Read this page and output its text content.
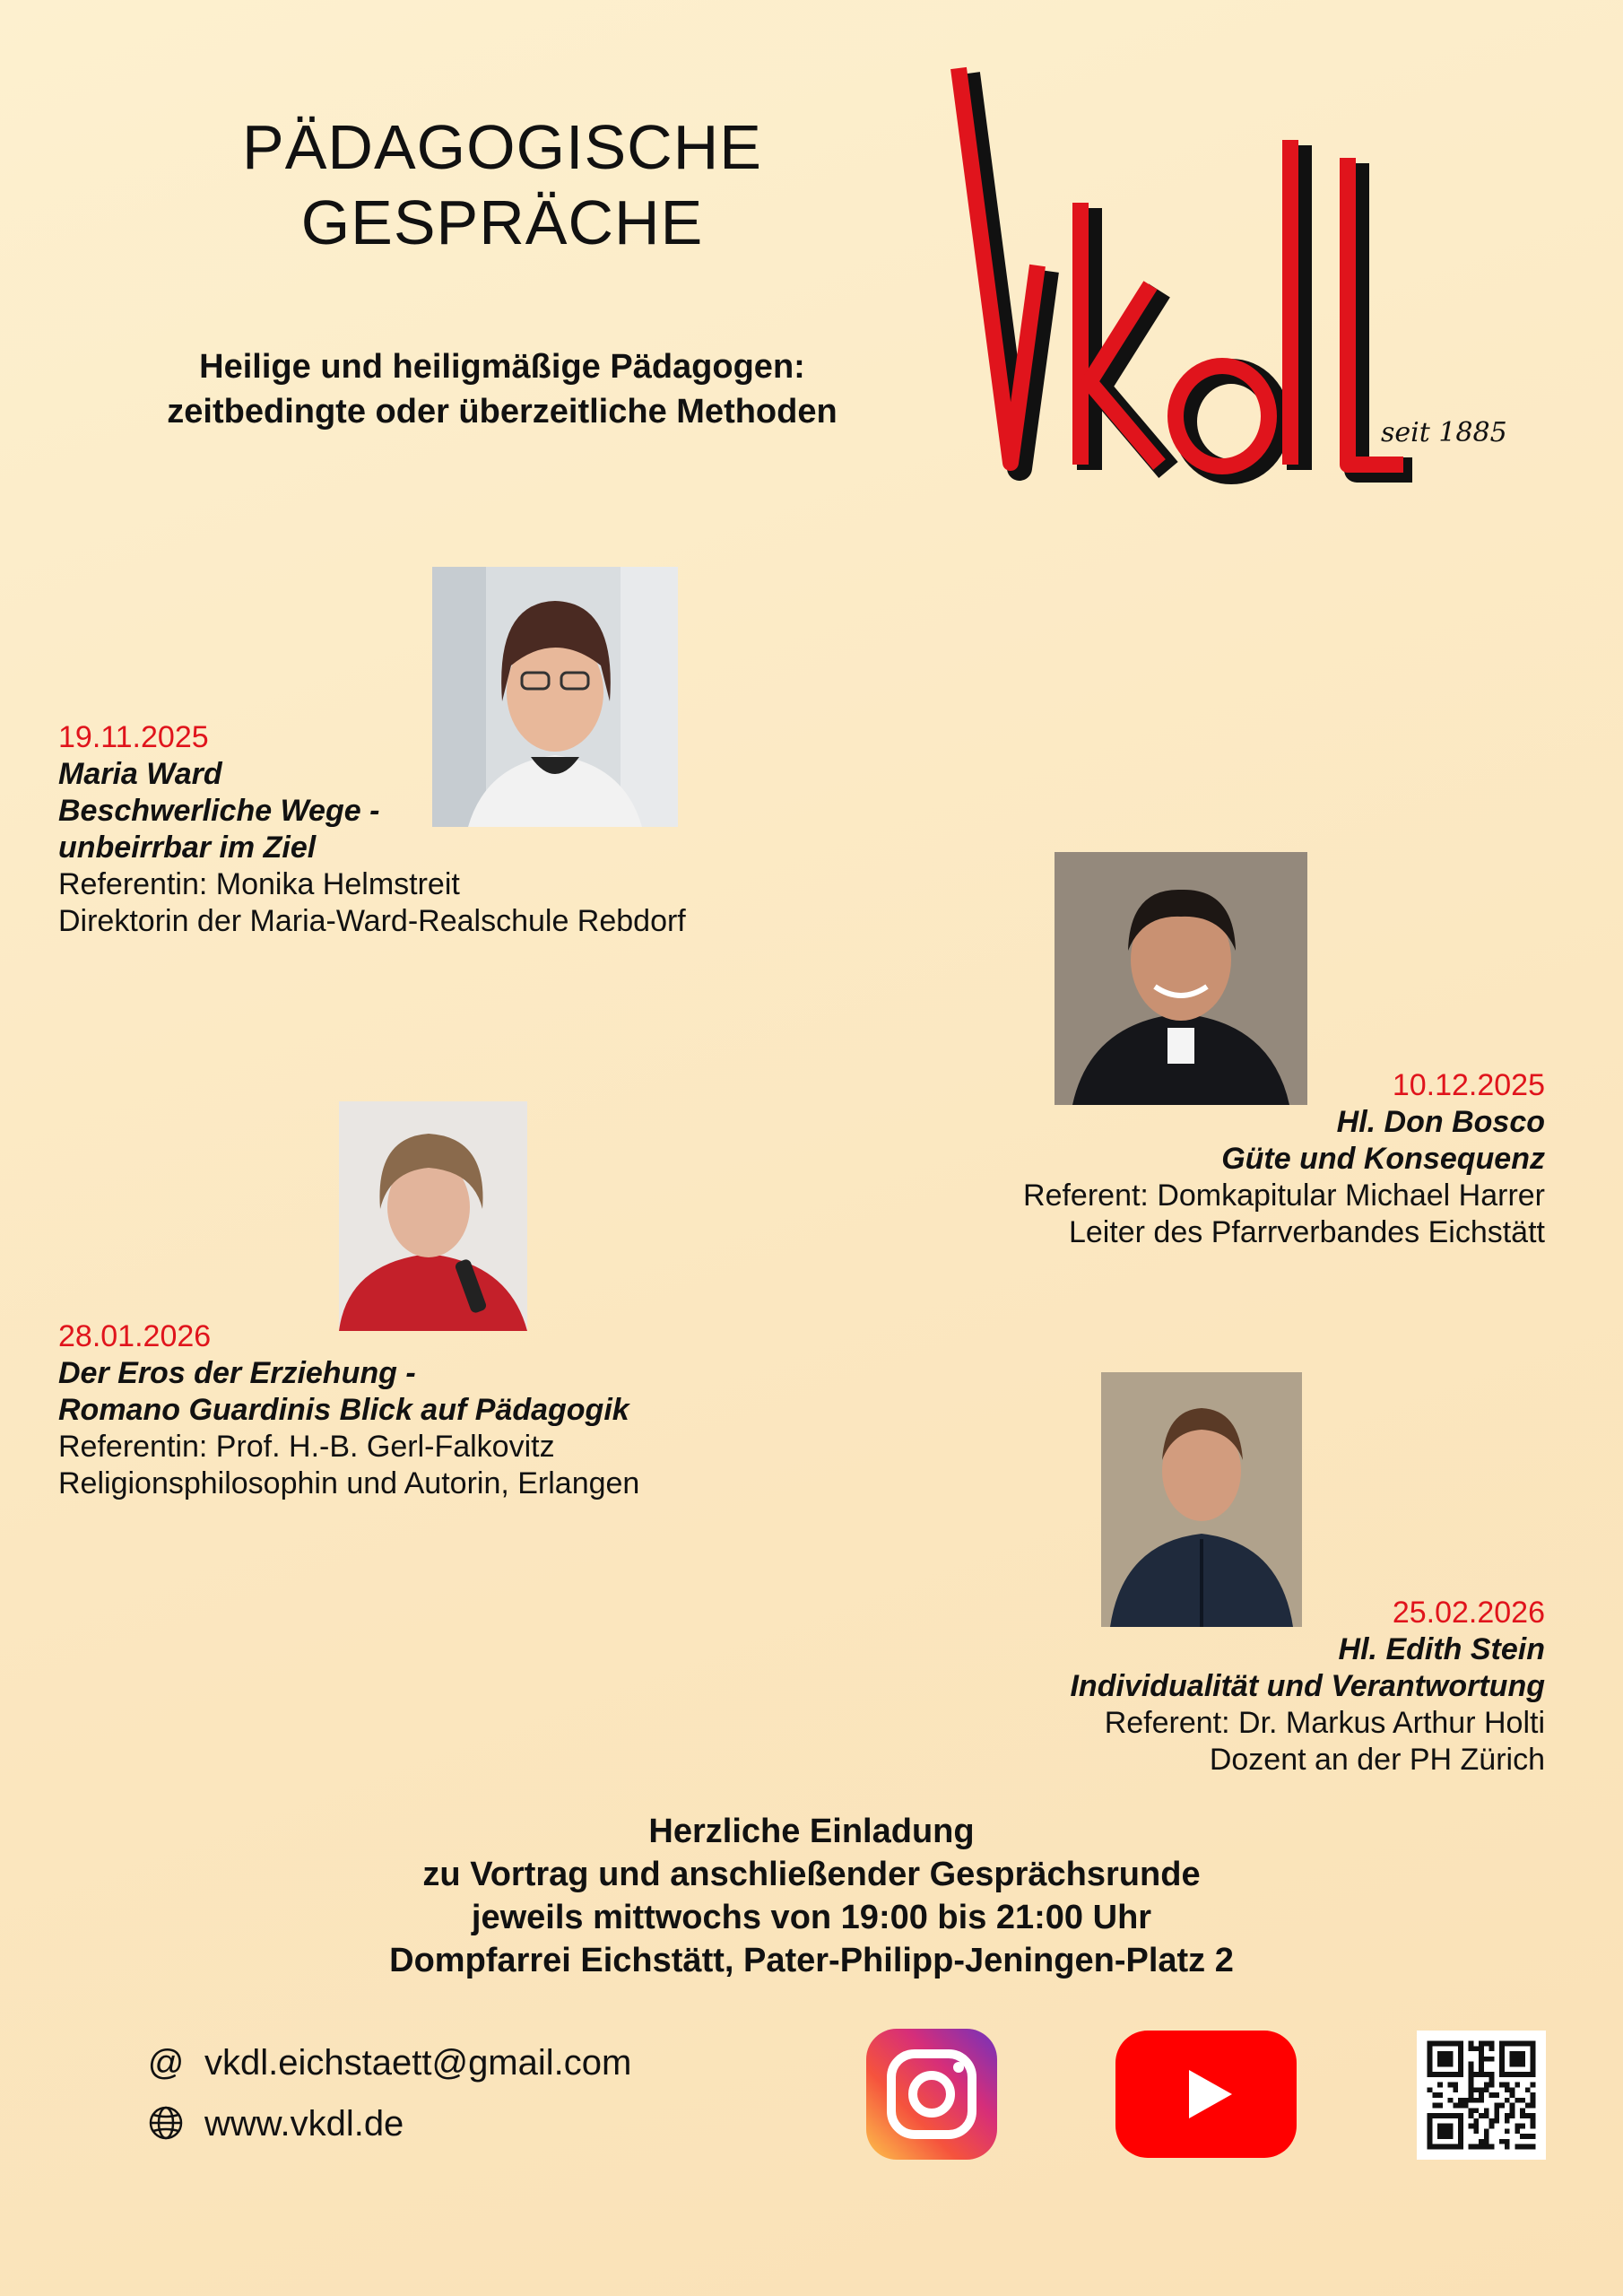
PÄDAGOGISCHE
GESPRÄCHE
Heilige und heiligmäßige Pädagogen:
zeitbedingte oder überzeitliche Methoden
seit 1885
19.11.2025
Maria Ward
Beschwerliche Wege -
unbeirrbar im Ziel
Referentin: Monika Helmstreit
Direktorin der Maria-Ward-Realschule Rebdorf
10.12.2025
Hl. Don Bosco
Güte und Konsequenz
Referent: Domkapitular Michael Harrer
Leiter des Pfarrverbandes Eichstätt
28.01.2026
Der Eros der Erziehung -
Romano Guardinis Blick auf Pädagogik
Referentin: Prof. H.-B. Gerl-Falkovitz
Religionsphilosophin und Autorin, Erlangen
25.02.2026
Hl. Edith Stein
Individualität und Verantwortung
Referent: Dr. Markus Arthur Holti
Dozent an der PH Zürich
Herzliche Einladung
zu Vortrag und anschließender Gesprächsrunde
jeweils mittwochs von 19:00 bis 21:00 Uhr
Dompfarrei Eichstätt, Pater-Philipp-Jeningen-Platz 2
@ vkdl.eichstaett@gmail.com
www.vkdl.de
